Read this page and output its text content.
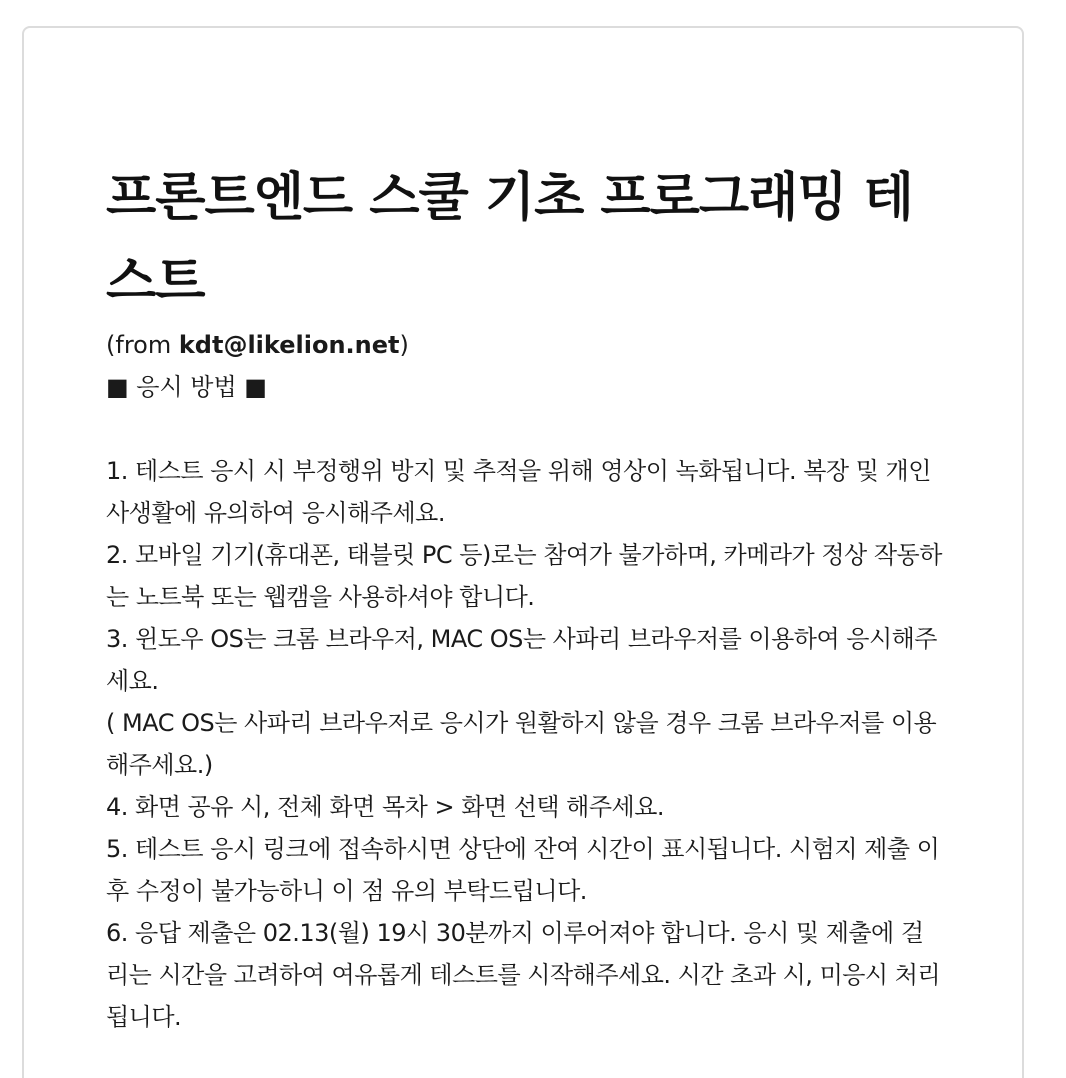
프론트엔드 스쿨 기초 프로그래밍 테스트
(from kdt@likelion.net)
■ 응시 방법 ■
1. 테스트 응시 시 부정행위 방지 및 추적을 위해 영상이 녹화됩니다. 복장 및 개인 사생활에 유의하여 응시해주세요.
2. 모바일 기기(휴대폰, 태블릿 PC 등)로는 참여가 불가하며, 카메라가 정상 작동하는 노트북 또는 웹캠을 사용하셔야 합니다.
3. 윈도우 OS는 크롬 브라우저, MAC OS는 사파리 브라우저를 이용하여 응시해주세요.
( MAC OS는 사파리 브라우저로 응시가 원활하지 않을 경우 크롬 브라우저를 이용해주세요.)
4. 화면 공유 시, 전체 화면 목차 > 화면 선택 해주세요.
5. 테스트 응시 링크에 접속하시면 상단에 잔여 시간이 표시됩니다. 시험지 제출 이후 수정이 불가능하니 이 점 유의 부탁드립니다.
6. 응답 제출은 02.13(월) 19시 30분까지 이루어져야 합니다. 응시 및 제출에 걸리는 시간을 고려하여 여유롭게 테스트를 시작해주세요. 시간 초과 시, 미응시 처리됩니다.
